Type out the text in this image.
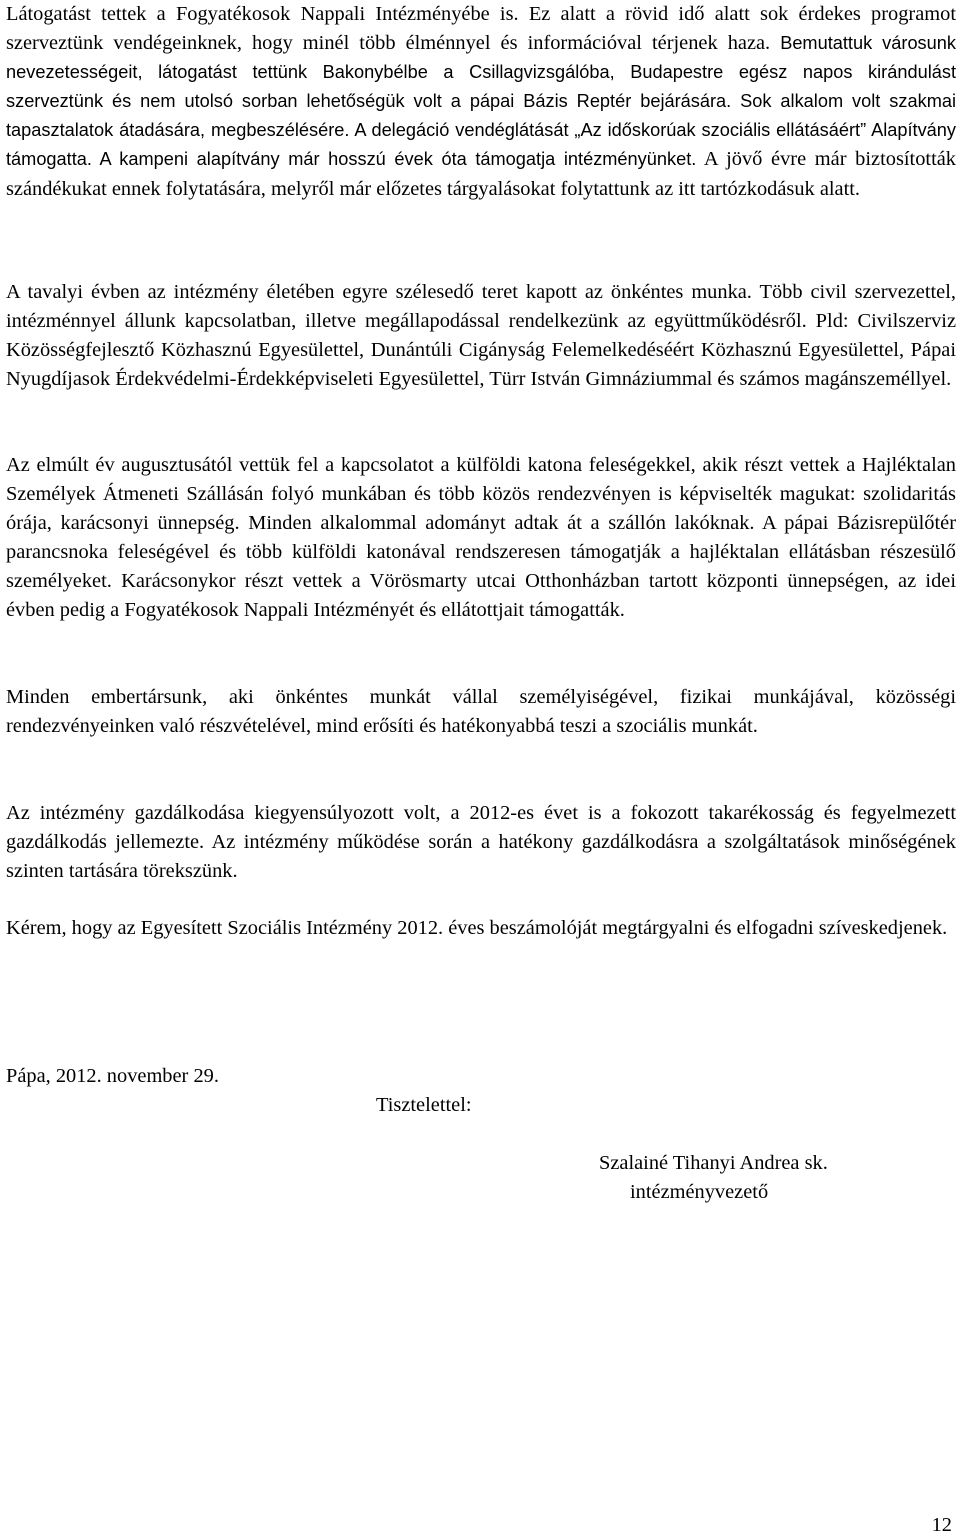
Látogatást tettek a Fogyatékosok Nappali Intézményébe is. Ez alatt a rövid idő alatt sok érdekes programot szerveztünk vendégeinknek, hogy minél több élménnyel és információval térjenek haza. Bemutattuk városunk nevezetességeit, látogatást tettünk Bakonybélbe a Csillagvizsgálóba, Budapestre egész napos kirándulást szerveztünk és nem utolsó sorban lehetőségük volt a pápai Bázis Reptér bejárására. Sok alkalom volt szakmai tapasztalatok átadására, megbeszélésére. A delegáció vendéglátását „Az időskorúak szociális ellátásáért” Alapítvány támogatta. A kampeni alapítvány már hosszú évek óta támogatja intézményünket. A jövő évre már biztosították szándékukat ennek folytatására, melyről már előzetes tárgyalásokat folytattunk az itt tartózkodásuk alatt.

A tavalyi évben az intézmény életében egyre szélesedő teret kapott az önkéntes munka. Több civil szervezettel, intézménnyel állunk kapcsolatban, illetve megállapodással rendelkezünk az együttműködésről. Pld: Civilszerviz Közösségfejlesztő Közhasznú Egyesülettel, Dunántúli Cigányság Felemelkedéséért Közhasznú Egyesülettel, Pápai Nyugdíjasok Érdekvédelmi-Érdekképviseleti Egyesülettel, Türr István Gimnáziummal és számos magánszeméllyel.

Az elmúlt év augusztusától vettük fel a kapcsolatot a külföldi katona feleségekkel, akik részt vettek a Hajléktalan Személyek Átmeneti Szállásán folyó munkában és több közös rendezvényen is képviselték magukat: szolidaritás órája, karácsonyi ünnepség. Minden alkalommal adományt adtak át a szállón lakóknak. A pápai Bázisrepülőtér parancsnoka feleségével és több külföldi katonával rendszeresen támogatják a hajléktalan ellátásban részesülő személyeket. Karácsonykor részt vettek a Vörösmarty utcai Otthonházban tartott központi ünnepségen, az idei évben pedig a Fogyatékosok Nappali Intézményét és ellátottjait támogatták.

Minden embertársunk, aki önkéntes munkát vállal személyiségével, fizikai munkájával, közösségi rendezvényeinken való részvételével, mind erősíti és hatékonyabbá teszi a szociális munkát.

Az intézmény gazdálkodása kiegyensúlyozott volt, a 2012-es évet is a fokozott takarékosság és fegyelmezett gazdálkodás jellemezte. Az intézmény működése során a hatékony gazdálkodásra a szolgáltatások minőségének szinten tartására törekszünk.

Kérem, hogy az Egyesített Szociális Intézmény 2012. éves beszámolóját megtárgyalni és elfogadni szíveskedjenek.

Pápa, 2012. november 29.

Tisztelettel:

Szalainé Tihanyi Andrea sk.

intézményvezető

12
